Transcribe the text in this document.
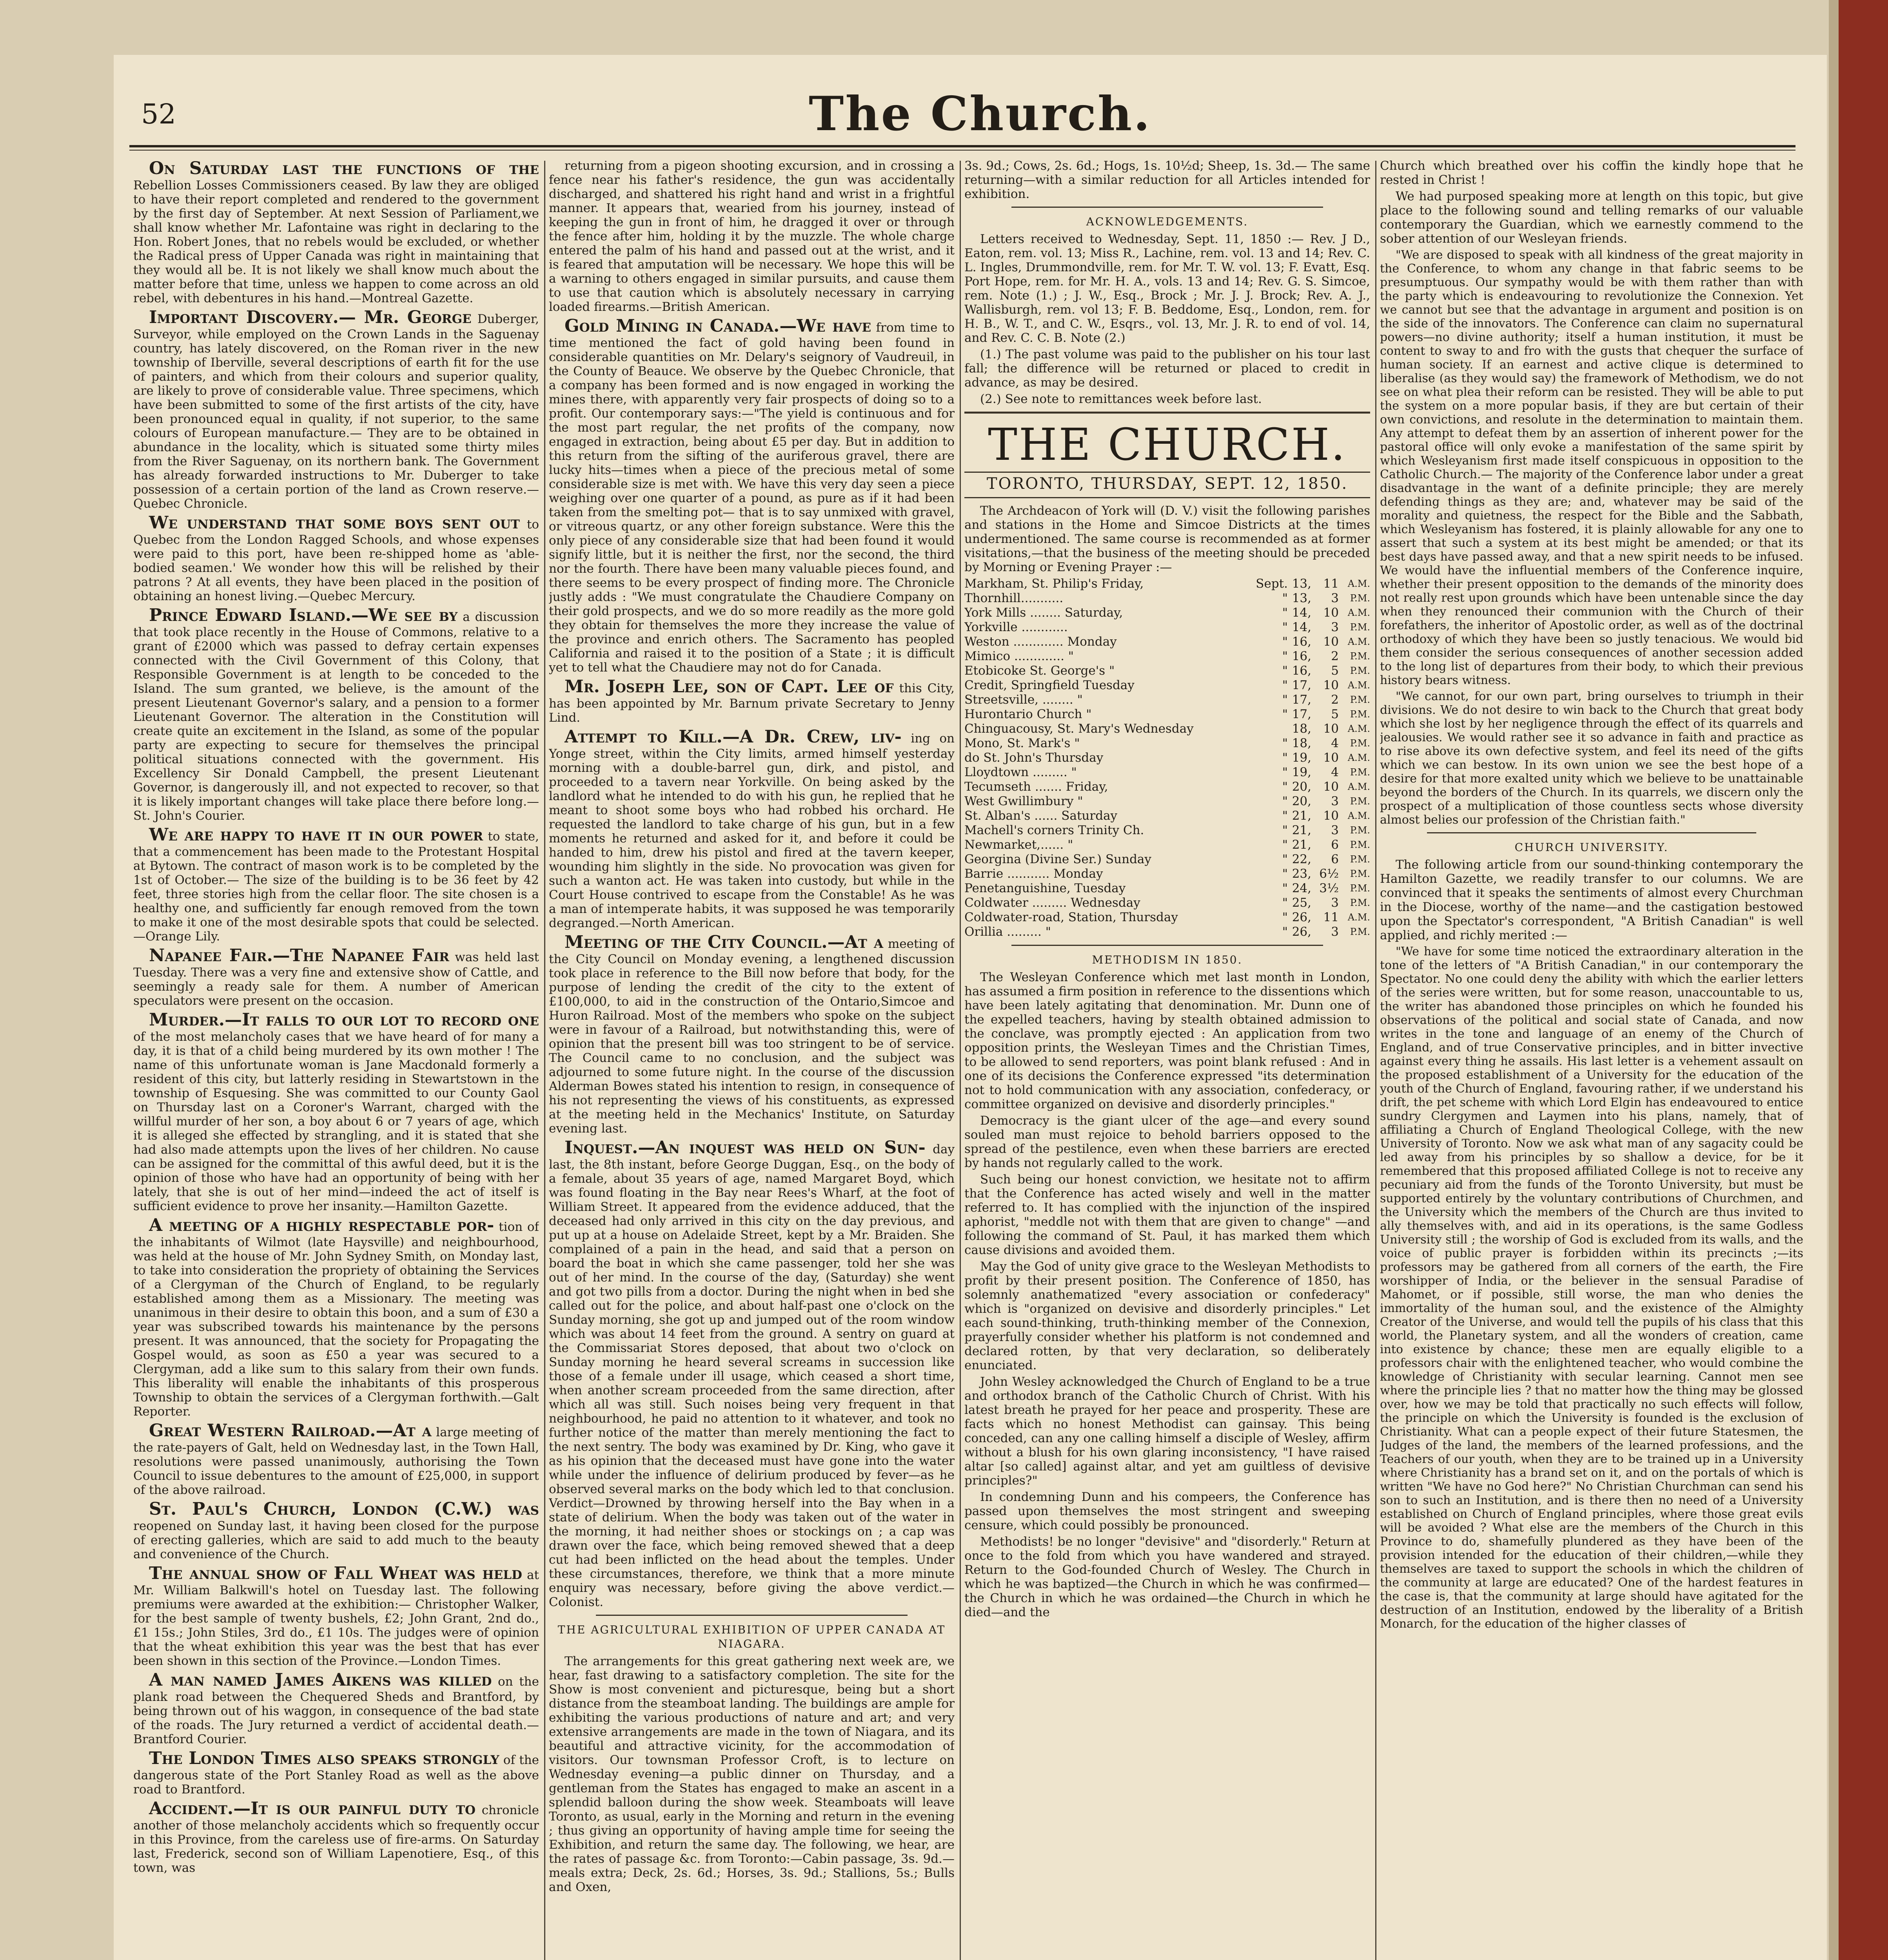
52	The Church.

On Saturday last the functions of the Rebellion Losses Commissioners ceased. By law they are obliged to have their report completed and rendered to the government by the first day of September. At next Session of Parliament,we shall know whether Mr. Lafontaine was right in declaring to the Hon. Robert Jones, that no rebels would be excluded, or whether the Radical press of Upper Canada was right in maintaining that they would all be. It is not likely we shall know much about the matter before that time, unless we happen to come across an old rebel, with debentures in his hand.—Montreal Gazette.

Important Discovery.— Mr. George Duberger, Surveyor, while employed on the Crown Lands in the Saguenay country, has lately discovered, on the Roman river in the new township of Iberville, several descriptions of earth fit for the use of painters, and which from their colours and superior quality, are likely to prove of considerable value. Three specimens, which have been submitted to some of the first artists of the city, have been pronounced equal in quality, if not superior, to the same colours of European manufacture.— They are to be obtained in abundance in the locality, which is situated some thirty miles from the River Saguenay, on its northern bank. The Government has already forwarded instructions to Mr. Duberger to take possession of a certain portion of the land as Crown reserve.—Quebec Chronicle.

We understand that some boys sent out to Quebec from the London Ragged Schools, and whose expenses were paid to this port, have been re-shipped home as 'able-bodied seamen.' We wonder how this will be relished by their patrons ? At all events, they have been placed in the position of obtaining an honest living.—Quebec Mercury.

Prince Edward Island.—We see by a discussion that took place recently in the House of Commons, relative to a grant of £2000 which was passed to defray certain expenses connected with the Civil Government of this Colony, that Responsible Government is at length to be conceded to the Island. The sum granted, we believe, is the amount of the present Lieutenant Governor's salary, and a pension to a former Lieutenant Governor. The alteration in the Constitution will create quite an excitement in the Island, as some of the popular party are expecting to secure for themselves the principal political situations connected with the government. His Excellency Sir Donald Campbell, the present Lieutenant Governor, is dangerously ill, and not expected to recover, so that it is likely important changes will take place there before long.— St. John's Courier.

We are happy to have it in our power to state, that a commencement has been made to the Protestant Hospital at Bytown. The contract of mason work is to be completed by the 1st of October.— The size of the building is to be 36 feet by 42 feet, three stories high from the cellar floor. The site chosen is a healthy one, and sufficiently far enough removed from the town to make it one of the most desirable spots that could be selected.—Orange Lily.

Napanee Fair.—The Napanee Fair was held last Tuesday. There was a very fine and extensive show of Cattle, and seemingly a ready sale for them. A number of American speculators were present on the occasion.

Murder.—It falls to our lot to record one of the most melancholy cases that we have heard of for many a day, it is that of a child being murdered by its own mother ! The name of this unfortunate woman is Jane Macdonald formerly a resident of this city, but latterly residing in Stewartstown in the township of Esquesing. She was committed to our County Gaol on Thursday last on a Coroner's Warrant, charged with the willful murder of her son, a boy about 6 or 7 years of age, which it is alleged she effected by strangling, and it is stated that she had also made attempts upon the lives of her children. No cause can be assigned for the committal of this awful deed, but it is the opinion of those who have had an opportunity of being with her lately, that she is out of her mind—indeed the act of itself is sufficient evidence to prove her insanity.—Hamilton Gazette.

A meeting of a highly respectable por- tion of the inhabitants of Wilmot (late Haysville) and neighbourhood, was held at the house of Mr. John Sydney Smith, on Monday last, to take into consideration the propriety of obtaining the Services of a Clergyman of the Church of England, to be regularly established among them as a Missionary. The meeting was unanimous in their desire to obtain this boon, and a sum of £30 a year was subscribed towards his maintenance by the persons present. It was announced, that the society for Propagating the Gospel would, as soon as £50 a year was secured to a Clergyman, add a like sum to this salary from their own funds. This liberality will enable the inhabitants of this prosperous Township to obtain the services of a Clergyman forthwith.—Galt Reporter.

Great Western Railroad.—At a large meeting of the rate-payers of Galt, held on Wednesday last, in the Town Hall, resolutions were passed unanimously, authorising the Town Council to issue debentures to the amount of £25,000, in support of the above railroad.

St. Paul's Church, London (C.W.) was reopened on Sunday last, it having been closed for the purpose of erecting galleries, which are said to add much to the beauty and convenience of the Church.

The annual show of Fall Wheat was held at Mr. William Balkwill's hotel on Tuesday last. The following premiums were awarded at the exhibition:— Christopher Walker, for the best sample of twenty bushels, £2; John Grant, 2nd do., £1 15s.; John Stiles, 3rd do., £1 10s. The judges were of opinion that the wheat exhibition this year was the best that has ever been shown in this section of the Province.—London Times.

A man named James Aikens was killed on the plank road between the Chequered Sheds and Brantford, by being thrown out of his waggon, in consequence of the bad state of the roads. The Jury returned a verdict of accidental death.—Brantford Courier.

The London Times also speaks strongly of the dangerous state of the Port Stanley Road as well as the above road to Brantford.

Accident.—It is our painful duty to chronicle another of those melancholy accidents which so frequently occur in this Province, from the careless use of fire-arms. On Saturday last, Frederick, second son of William Lapenotiere, Esq., of this town, was

returning from a pigeon shooting excursion, and in crossing a fence near his father's residence, the gun was accidentally discharged, and shattered his right hand and wrist in a frightful manner. It appears that, wearied from his journey, instead of keeping the gun in front of him, he dragged it over or through the fence after him, holding it by the muzzle. The whole charge entered the palm of his hand and passed out at the wrist, and it is feared that amputation will be necessary. We hope this will be a warning to others engaged in similar pursuits, and cause them to use that caution which is absolutely necessary in carrying loaded firearms.—British American.

Gold Mining in Canada.—We have from time to time mentioned the fact of gold having been found in considerable quantities on Mr. Delary's seignory of Vaudreuil, in the County of Beauce. We observe by the Quebec Chronicle, that a company has been formed and is now engaged in working the mines there, with apparently very fair prospects of doing so to a profit. Our contemporary says:—"The yield is continuous and for the most part regular, the net profits of the company, now engaged in extraction, being about £5 per day. But in addition to this return from the sifting of the auriferous gravel, there are lucky hits—times when a piece of the precious metal of some considerable size is met with. We have this very day seen a piece weighing over one quarter of a pound, as pure as if it had been taken from the smelting pot— that is to say unmixed with gravel, or vitreous quartz, or any other foreign substance. Were this the only piece of any considerable size that had been found it would signify little, but it is neither the first, nor the second, the third nor the fourth. There have been many valuable pieces found, and there seems to be every prospect of finding more. The Chronicle justly adds : "We must congratulate the Chaudiere Company on their gold prospects, and we do so more readily as the more gold they obtain for themselves the more they increase the value of the province and enrich others. The Sacramento has peopled California and raised it to the position of a State ; it is difficult yet to tell what the Chaudiere may not do for Canada.

Mr. Joseph Lee, son of Capt. Lee of this City, has been appointed by Mr. Barnum private Secretary to Jenny Lind.

Attempt to Kill.—A Dr. Crew, liv- ing on Yonge street, within the City limits, armed himself yesterday morning with a double-barrel gun, dirk, and pistol, and proceeded to a tavern near Yorkville. On being asked by the landlord what he intended to do with his gun, he replied that he meant to shoot some boys who had robbed his orchard. He requested the landlord to take charge of his gun, but in a few moments he returned and asked for it, and before it could be handed to him, drew his pistol and fired at the tavern keeper, wounding him slightly in the side. No provocation was given for such a wanton act. He was taken into custody, but while in the Court House contrived to escape from the Constable! As he was a man of intemperate habits, it was supposed he was temporarily degranged.—North American.

Meeting of the City Council.—At a meeting of the City Council on Monday evening, a lengthened discussion took place in reference to the Bill now before that body, for the purpose of lending the credit of the city to the extent of £100,000, to aid in the construction of the Ontario,Simcoe and Huron Railroad. Most of the members who spoke on the subject were in favour of a Railroad, but notwithstanding this, were of opinion that the present bill was too stringent to be of service. The Council came to no conclusion, and the subject was adjourned to some future night. In the course of the discussion Alderman Bowes stated his intention to resign, in consequence of his not representing the views of his constituents, as expressed at the meeting held in the Mechanics' Institute, on Saturday evening last.

Inquest.—An inquest was held on Sun- day last, the 8th instant, before George Duggan, Esq., on the body of a female, about 35 years of age, named Margaret Boyd, which was found floating in the Bay near Rees's Wharf, at the foot of William Street. It appeared from the evidence adduced, that the deceased had only arrived in this city on the day previous, and put up at a house on Adelaide Street, kept by a Mr. Braiden. She complained of a pain in the head, and said that a person on board the boat in which she came passenger, told her she was out of her mind. In the course of the day, (Saturday) she went and got two pills from a doctor. During the night when in bed she called out for the police, and about half-past one o'clock on the Sunday morning, she got up and jumped out of the room window which was about 14 feet from the ground. A sentry on guard at the Commissariat Stores deposed, that about two o'clock on Sunday morning he heard several screams in succession like those of a female under ill usage, which ceased a short time, when another scream proceeded from the same direction, after which all was still. Such noises being very frequent in that neighbourhood, he paid no attention to it whatever, and took no further notice of the matter than merely mentioning the fact to the next sentry. The body was examined by Dr. King, who gave it as his opinion that the deceased must have gone into the water while under the influence of delirium produced by fever—as he observed several marks on the body which led to that conclusion. Verdict—Drowned by throwing herself into the Bay when in a state of delirium. When the body was taken out of the water in the morning, it had neither shoes or stockings on ; a cap was drawn over the face, which being removed shewed that a deep cut had been inflicted on the head about the temples. Under these circumstances, therefore, we think that a more minute enquiry was necessary, before giving the above verdict.— Colonist.

THE AGRICULTURAL EXHIBITION OF UPPER CANADA AT NIAGARA.

The arrangements for this great gathering next week are, we hear, fast drawing to a satisfactory completion. The site for the Show is most convenient and picturesque, being but a short distance from the steamboat landing. The buildings are ample for exhibiting the various productions of nature and art; and very extensive arrangements are made in the town of Niagara, and its beautiful and attractive vicinity, for the accommodation of visitors. Our townsman Professor Croft, is to lecture on Wednesday evening—a public dinner on Thursday, and a gentleman from the States has engaged to make an ascent in a splendid balloon during the show week. Steamboats will leave Toronto, as usual, early in the Morning and return in the evening ; thus giving an opportunity of having ample time for seeing the Exhibition, and return the same day. The following, we hear, are the rates of passage &c. from Toronto:—Cabin passage, 3s. 9d.—meals extra; Deck, 2s. 6d.; Horses, 3s. 9d.; Stallions, 5s.; Bulls and Oxen,

3s. 9d.; Cows, 2s. 6d.; Hogs, 1s. 10½d; Sheep, 1s. 3d.— The same returning—with a similar reduction for all Articles intended for exhibition.

ACKNOWLEDGEMENTS.

Letters received to Wednesday, Sept. 11, 1850 :— Rev. J D., Eaton, rem. vol. 13; Miss R., Lachine, rem. vol. 13 and 14; Rev. C. L. Ingles, Drummondville, rem. for Mr. T. W. vol. 13; F. Evatt, Esq. Port Hope, rem. for Mr. H. A., vols. 13 and 14; Rev. G. S. Simcoe, rem. Note (1.) ; J. W., Esq., Brock ; Mr. J. J. Brock; Rev. A. J., Wallisburgh, rem. vol 13; F. B. Beddome, Esq., London, rem. for H. B., W. T., and C. W., Esqrs., vol. 13, Mr. J. R. to end of vol. 14, and Rev. C. C. B. Note (2.)

(1.) The past volume was paid to the publisher on his tour last fall; the difference will be returned or placed to credit in advance, as may be desired.

(2.) See note to remittances week before last.

THE CHURCH.
TORONTO, THURSDAY, SEPT. 12, 1850.

The Archdeacon of York will (D. V.) visit the following parishes and stations in the Home and Simcoe Districts at the times undermentioned. The same course is recommended as at former visitations,—that the business of the meeting should be preceded by Morning or Evening Prayer :—

Markham, St. Philip's Friday,	Sept.	13,	11	A.M.
Thornhill...........	"	13,	3	P.M.
York Mills ........ Saturday,	"	14,	10	A.M.
Yorkville ............	"	14,	3	P.M.
Weston ............. Monday	"	16,	10	A.M.
Mimico ............. "	"	16,	2	P.M.
Etobicoke St. George's "	"	16,	5	P.M.
Credit, Springfield Tuesday	"	17,	10	A.M.
Streetsville, ........ "	"	17,	2	P.M.
Hurontario Church "	"	17,	5	P.M.
Chinguacousy, St. Mary's Wednesday		18,	10	A.M.
Mono, St. Mark's "	"	18,	4	P.M.
do St. John's Thursday	"	19,	10	A.M.
Lloydtown ......... "	"	19,	4	P.M.
Tecumseth ....... Friday,	"	20,	10	A.M.
West Gwillimbury "	"	20,	3	P.M.
St. Alban's ...... Saturday	"	21,	10	A.M.
Machell's corners Trinity Ch.	"	21,	3	P.M.
Newmarket,...... "	"	21,	6	P.M.
Georgina (Divine Ser.) Sunday	"	22,	6	P.M.
Barrie ........... Monday	"	23,	6½	P.M.
Penetanguishine, Tuesday	"	24,	3½	P.M.
Coldwater ......... Wednesday	"	25,	3	P.M.
Coldwater-road, Station, Thursday	"	26,	11	A.M.
Orillia ......... "	"	26,	3	P.M.
METHODISM IN 1850.

The Wesleyan Conference which met last month in London, has assumed a firm position in reference to the dissentions which have been lately agitating that denomination. Mr. Dunn one of the expelled teachers, having by stealth obtained admission to the conclave, was promptly ejected : An application from two opposition prints, the Wesleyan Times and the Christian Times, to be allowed to send reporters, was point blank refused : And in one of its decisions the Conference expressed "its determination not to hold communication with any association, confederacy, or committee organized on devisive and disorderly principles."

Democracy is the giant ulcer of the age—and every sound souled man must rejoice to behold barriers opposed to the spread of the pestilence, even when these barriers are erected by hands not regularly called to the work.

Such being our honest conviction, we hesitate not to affirm that the Conference has acted wisely and well in the matter referred to. It has complied with the injunction of the inspired aphorist, "meddle not with them that are given to change" —and following the command of St. Paul, it has marked them which cause divisions and avoided them.

May the God of unity give grace to the Wesleyan Methodists to profit by their present position. The Conference of 1850, has solemnly anathematized "every association or confederacy" which is "organized on devisive and disorderly principles." Let each sound-thinking, truth-thinking member of the Connexion, prayerfully consider whether his platform is not condemned and declared rotten, by that very declaration, so deliberately enunciated.

John Wesley acknowledged the Church of England to be a true and orthodox branch of the Catholic Church of Christ. With his latest breath he prayed for her peace and prosperity. These are facts which no honest Methodist can gainsay. This being conceded, can any one calling himself a disciple of Wesley, affirm without a blush for his own glaring inconsistency, "I have raised altar [so called] against altar, and yet am guiltless of devisive principles?"

In condemning Dunn and his compeers, the Conference has passed upon themselves the most stringent and sweeping censure, which could possibly be pronounced.

Methodists! be no longer "devisive" and "disorderly." Return at once to the fold from which you have wandered and strayed. Return to the God-founded Church of Wesley. The Church in which he was baptized—the Church in which he was confirmed—the Church in which he was ordained—the Church in which he died—and the

Church which breathed over his coffin the kindly hope that he rested in Christ !

We had purposed speaking more at length on this topic, but give place to the following sound and telling remarks of our valuable contemporary the Guardian, which we earnestly commend to the sober attention of our Wesleyan friends.

"We are disposed to speak with all kindness of the great majority in the Conference, to whom any change in that fabric seems to be presumptuous. Our sympathy would be with them rather than with the party which is endeavouring to revolutionize the Connexion. Yet we cannot but see that the advantage in argument and position is on the side of the innovators. The Conference can claim no supernatural powers—no divine authority; itself a human institution, it must be content to sway to and fro with the gusts that chequer the surface of human society. If an earnest and active clique is determined to liberalise (as they would say) the framework of Methodism, we do not see on what plea their reform can be resisted. They will be able to put the system on a more popular basis, if they are but certain of their own convictions, and resolute in the determination to maintain them. Any attempt to defeat them by an assertion of inherent power for the pastoral office will only evoke a manifestation of the same spirit by which Wesleyanism first made itself conspicuous in opposition to the Catholic Church.— The majority of the Conference labor under a great disadvantage in the want of a definite principle; they are merely defending things as they are; and, whatever may be said of the morality and quietness, the respect for the Bible and the Sabbath, which Wesleyanism has fostered, it is plainly allowable for any one to assert that such a system at its best might be amended; or that its best days have passed away, and that a new spirit needs to be infused. We would have the influential members of the Conference inquire, whether their present opposition to the demands of the minority does not really rest upon grounds which have been untenable since the day when they renounced their communion with the Church of their forefathers, the inheritor of Apostolic order, as well as of the doctrinal orthodoxy of which they have been so justly tenacious. We would bid them consider the serious consequences of another secession added to the long list of departures from their body, to which their previous history bears witness.

"We cannot, for our own part, bring ourselves to triumph in their divisions. We do not desire to win back to the Church that great body which she lost by her negligence through the effect of its quarrels and jealousies. We would rather see it so advance in faith and practice as to rise above its own defective system, and feel its need of the gifts which we can bestow. In its own union we see the best hope of a desire for that more exalted unity which we believe to be unattainable beyond the borders of the Church. In its quarrels, we discern only the prospect of a multiplication of those countless sects whose diversity almost belies our profession of the Christian faith."

CHURCH UNIVERSITY.

The following article from our sound-thinking contemporary the Hamilton Gazette, we readily transfer to our columns. We are convinced that it speaks the sentiments of almost every Churchman in the Diocese, worthy of the name—and the castigation bestowed upon the Spectator's correspondent, "A British Canadian" is well applied, and richly merited :—

"We have for some time noticed the extraordinary alteration in the tone of the letters of "A British Canadian," in our contemporary the Spectator. No one could deny the ability with which the earlier letters of the series were written, but for some reason, unaccountable to us, the writer has abandoned those principles on which he founded his observations of the political and social state of Canada, and now writes in the tone and language of an enemy of the Church of England, and of true Conservative principles, and in bitter invective against every thing he assails. His last letter is a vehement assault on the proposed establishment of a University for the education of the youth of the Church of England, favouring rather, if we understand his drift, the pet scheme with which Lord Elgin has endeavoured to entice sundry Clergymen and Laymen into his plans, namely, that of affiliating a Church of England Theological College, with the new University of Toronto. Now we ask what man of any sagacity could be led away from his principles by so shallow a device, for be it remembered that this proposed affiliated College is not to receive any pecuniary aid from the funds of the Toronto University, but must be supported entirely by the voluntary contributions of Churchmen, and the University which the members of the Church are thus invited to ally themselves with, and aid in its operations, is the same Godless University still ; the worship of God is excluded from its walls, and the voice of public prayer is forbidden within its precincts ;—its professors may be gathered from all corners of the earth, the Fire worshipper of India, or the believer in the sensual Paradise of Mahomet, or if possible, still worse, the man who denies the immortality of the human soul, and the existence of the Almighty Creator of the Universe, and would tell the pupils of his class that this world, the Planetary system, and all the wonders of creation, came into existence by chance; these men are equally eligible to a professors chair with the enlightened teacher, who would combine the knowledge of Christianity with secular learning. Cannot men see where the principle lies ? that no matter how the thing may be glossed over, how we may be told that practically no such effects will follow, the principle on which the University is founded is the exclusion of Christianity. What can a people expect of their future Statesmen, the Judges of the land, the members of the learned professions, and the Teachers of our youth, when they are to be trained up in a University where Christianity has a brand set on it, and on the portals of which is written "We have no God here?" No Christian Churchman can send his son to such an Institution, and is there then no need of a University established on Church of England principles, where those great evils will be avoided ? What else are the members of the Church in this Province to do, shamefully plundered as they have been of the provision intended for the education of their children,—while they themselves are taxed to support the schools in which the children of the community at large are educated? One of the hardest features in the case is, that the community at large should have agitated for the destruction of an Institution, endowed by the liberality of a British Monarch, for the education of the higher classes of
